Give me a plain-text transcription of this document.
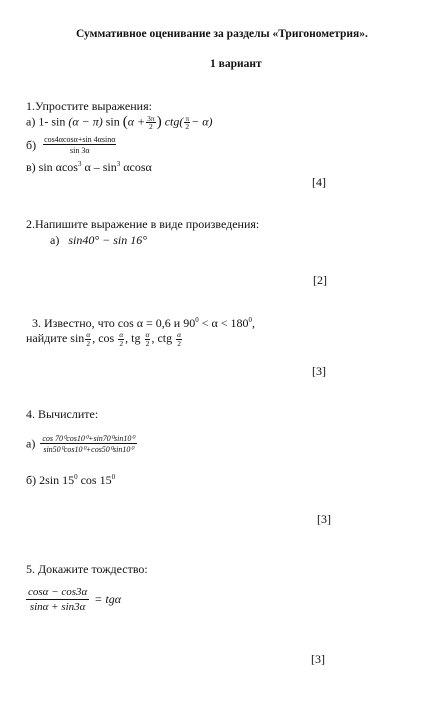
Суммативное оценивание за разделы «Тригонометрия».
1 вариант
1.Упростите выражения:
а) 1- sin (α − π) $\sin (\alpha + \frac{3\pi}{2}$ ) $ctg( \frac{\pi}{2} - \alpha)$
$б) \frac{\cos 4\alpha\cos\alpha+\sin 4\alpha\sin\alpha}{\sin 3\alpha}$
в) sin αcos$^3$ α – $\sin^3 \alpha\cos\alpha$
[4]
2.Напишите выражение в виде произведения:
а) sin40° − sin 16°
[2]
3. Известно, что cos α = 0,6 и $90^0 < \alpha < 180^0$,
найдите $\sin \frac{\alpha}{2}$ , $\cos \frac{\alpha}{2}$ , tg $\frac{\alpha}{2}$ , ctg $\frac{\alpha}{2}$
[3]
4. Вычислите:
$а) \frac{\text{cos 70⁰cos10⁰+sin70⁰sin10⁰}}{\text{sin50⁰cos10⁰+cos50⁰sin10⁰}}$
б) 2sin $15^0$ $\cos 15^0$
[3]
5. Докажите тождество:
$\frac{\cos\alpha - \cos 3\alpha}{\sin\alpha + \sin 3\alpha} = tg\alpha$
[3]
